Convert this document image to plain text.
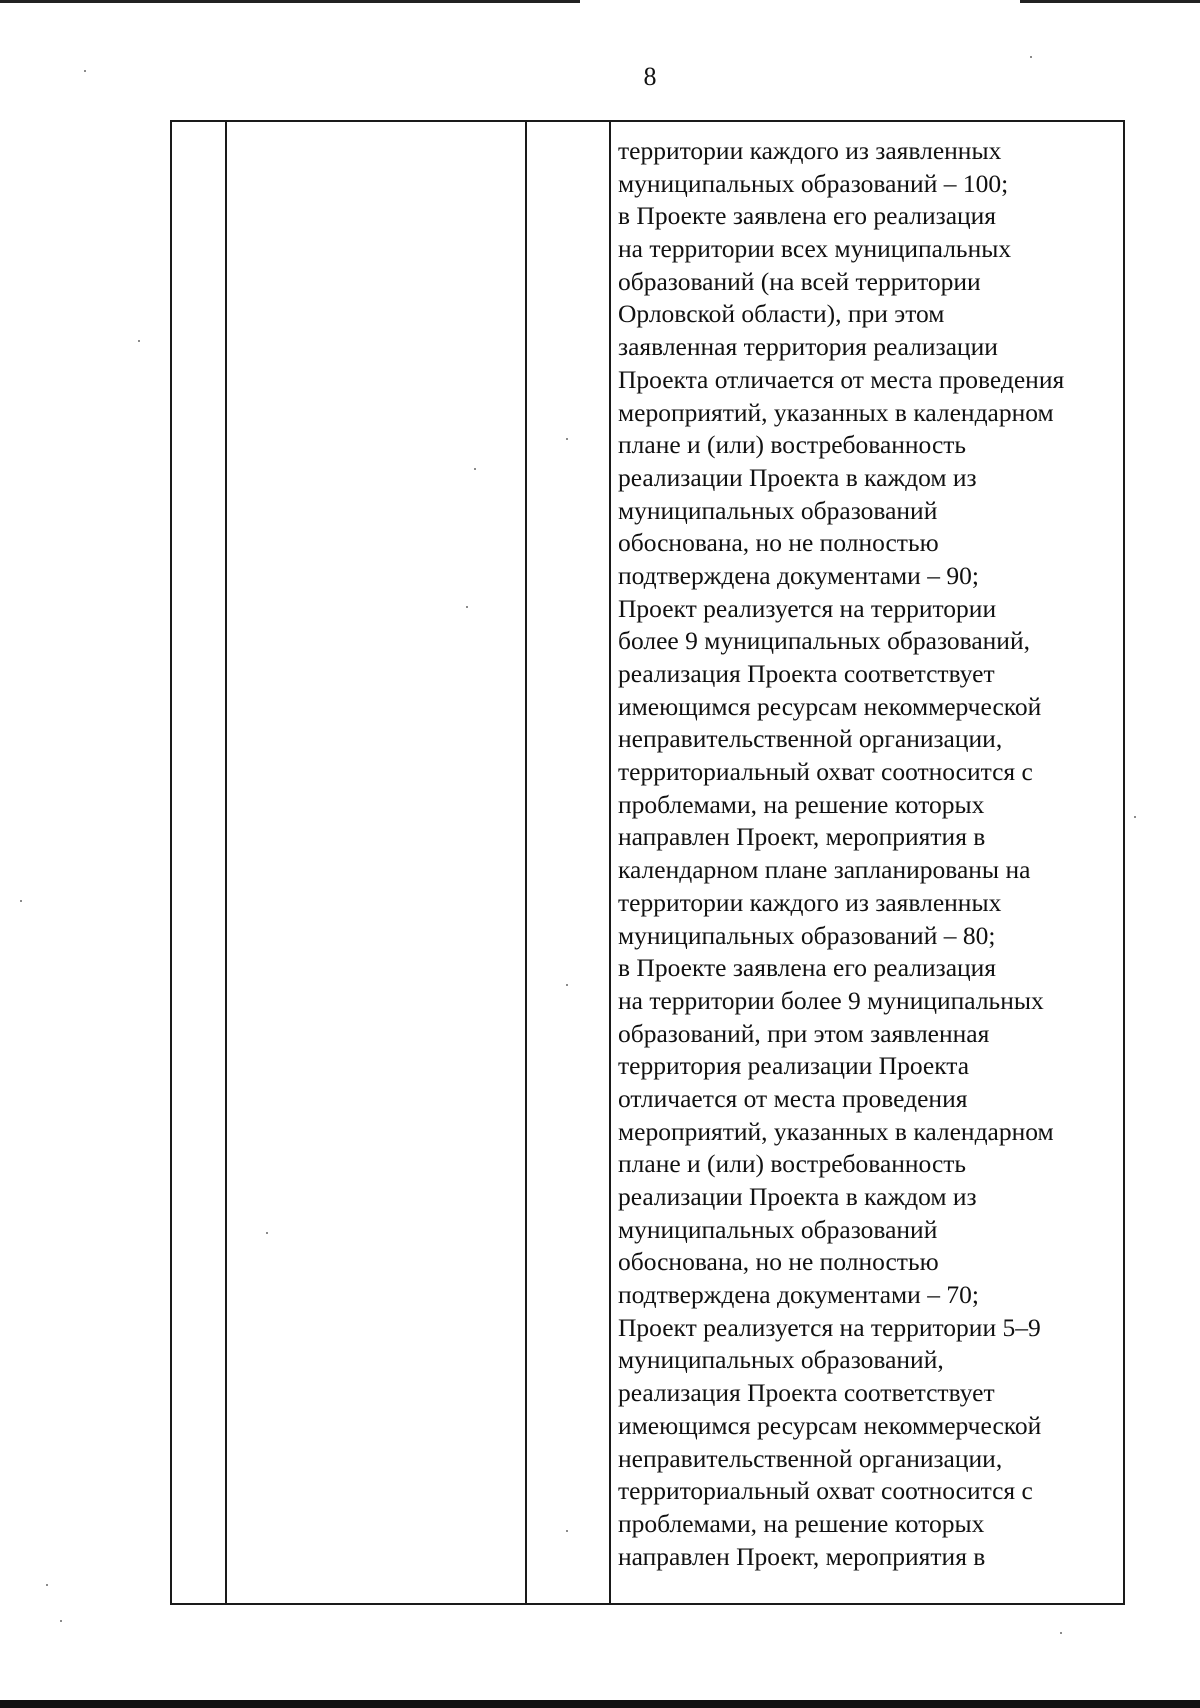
8

территории каждого из заявленных
муниципальных образований – 100;
в Проекте заявлена его реализация
на территории всех муниципальных
образований (на всей территории
Орловской области), при этом
заявленная территория реализации
Проекта отличается от места проведения
мероприятий, указанных в календарном
плане и (или) востребованность
реализации Проекта в каждом из
муниципальных образований
обоснована, но не полностью
подтверждена документами – 90;
Проект реализуется на территории
более 9 муниципальных образований,
реализация Проекта соответствует
имеющимся ресурсам некоммерческой
неправительственной организации,
территориальный охват соотносится с
проблемами, на решение которых
направлен Проект, мероприятия в
календарном плане запланированы на
территории каждого из заявленных
муниципальных образований – 80;
в Проекте заявлена его реализация
на территории более 9 муниципальных
образований, при этом заявленная
территория реализации Проекта
отличается от места проведения
мероприятий, указанных в календарном
плане и (или) востребованность
реализации Проекта в каждом из
муниципальных образований
обоснована, но не полностью
подтверждена документами – 70;
Проект реализуется на территории 5–9
муниципальных образований,
реализация Проекта соответствует
имеющимся ресурсам некоммерческой
неправительственной организации,
территориальный охват соотносится с
проблемами, на решение которых
направлен Проект, мероприятия в
